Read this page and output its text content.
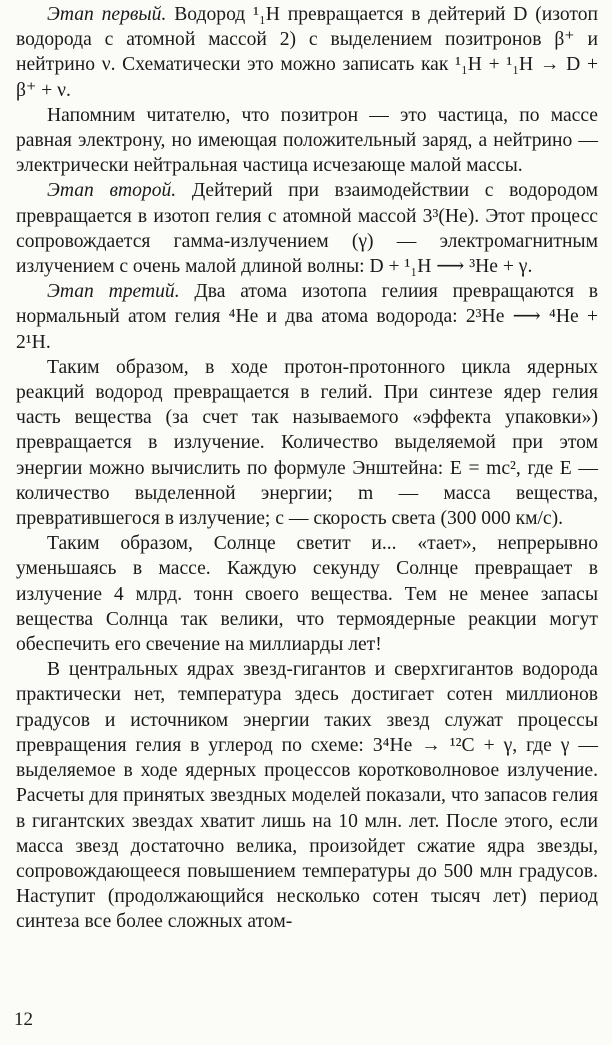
Этап первый. Водород ¹₁H превращается в дейтерий D (изотоп водорода с атомной массой 2) с выделением позитронов β⁺ и нейтрино ν. Схематически это можно записать как ¹₁H + ¹₁H → D + β⁺ + ν.

Напомним читателю, что позитрон — это частица, по массе равная электрону, но имеющая положительный заряд, а нейтрино — электрически нейтральная частица исчезающе малой массы.

Этап второй. Дейтерий при взаимодействии с водородом превращается в изотоп гелия с атомной массой 3³(He). Этот процесс сопровождается гамма-излучением (γ) — электромагнитным излучением с очень малой длиной волны: D + ¹₁H ⟶ ³He + γ.

Этап третий. Два атома изотопа гелиия превращаются в нормальный атом гелия ⁴He и два атома водорода: 2³He ⟶ ⁴He + 2¹H.

Таким образом, в ходе протон-протонного цикла ядерных реакций водород превращается в гелий. При синтезе ядер гелия часть вещества (за счет так называемого «эффекта упаковки») превращается в излучение. Количество выделяемой при этом энергии можно вычислить по формуле Энштейна: E = mc², где E — количество выделенной энергии; m — масса вещества, превратившегося в излучение; c — скорость света (300 000 км/с).

Таким образом, Солнце светит и... «тает», непрерывно уменьшаясь в массе. Каждую секунду Солнце превращает в излучение 4 млрд. тонн своего вещества. Тем не менее запасы вещества Солнца так велики, что термоядерные реакции могут обеспечить его свечение на миллиарды лет!

В центральных ядрах звезд-гигантов и сверхгигантов водорода практически нет, температура здесь достигает сотен миллионов градусов и источником энергии таких звезд служат процессы превращения гелия в углерод по схеме: 3⁴He → ¹²C + γ, где γ — выделяемое в ходе ядерных процессов коротковолновое излучение. Расчеты для принятых звездных моделей показали, что запасов гелия в гигантских звездах хватит лишь на 10 млн. лет. После этого, если масса звезд достаточно велика, произойдет сжатие ядра звезды, сопровождающееся повышением температуры до 500 млн градусов. Наступит (продолжающийся несколько сотен тысяч лет) период синтеза все более сложных атом-

12
